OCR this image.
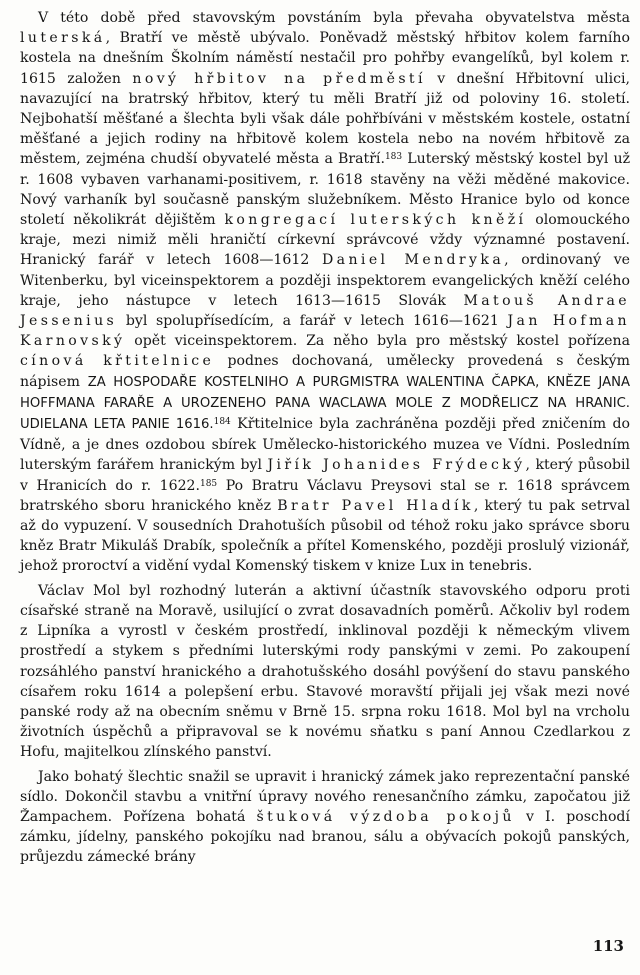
V této době před stavovským povstáním byla převaha obyvatelstva města luterská, Bratří ve městě ubývalo. Poněvadž městský hřbitov kolem farního kostela na dnešním Školním náměstí nestačil pro pohřby evangelíků, byl kolem r. 1615 založen nový hřbitov na předměstí v dnešní Hřbitovní ulici, navazující na bratrský hřbitov, který tu měli Bratří již od poloviny 16. století. Nejbohatší měšťané a šlechta byli však dále pohřbíváni v městském kostele, ostatní měšťané a jejich rodiny na hřbitově kolem kostela nebo na novém hřbitově za městem, zejména chudší obyvatelé města a Bratří.$^{183}$ Luterský městský kostel byl už r. 1608 vybaven varhanami-positivem, r. 1618 stavěny na věži měděné makovice. Nový varhaník byl současně panským služebníkem. Město Hranice bylo od konce století několikrát dějištěm kongregací luterských kněží olomouckého kraje, mezi nimiž měli hraničtí církevní správcové vždy významné postavení. Hranický farář v letech 1608—1612 Daniel Mendryka, ordinovaný ve Witenberku, byl viceinspektorem a později inspektorem evangelických kněží celého kraje, jeho nástupce v letech 1613—1615 Slovák Matouš Andrae Jessenius byl spolupřísedícím, a farář v letech 1616—1621 Jan Hofman Karnovský opět viceinspektorem. Za něho byla pro městský kostel pořízena cínová křtitelnice podnes dochovaná, umělecky provedená s českým nápisem ZA HOSPODAŘE KOSTELNIHO A PURGMISTRA WALENTINA ČAPKA, KNĚZE JANA HOFFMANA FARAŘE A UROZENEHO PANA WACLAWA MOLE Z MODŘELICZ NA HRANIC. UDIELANA LETA PANIE 1616.$^{184}$ Křtitelnice byla zachráněna později před zničením do Vídně, a je dnes ozdobou sbírek Umělecko-historického muzea ve Vídni. Posledním luterským farářem hranickým byl Jiřík Johanides Frýdecký, který působil v Hranicích do r. 1622.$^{185}$ Po Bratru Václavu Preysovi stal se r. 1618 správcem bratrského sboru hranického kněz Bratr Pavel Hladík, který tu pak setrval až do vypuzení. V sousedních Drahotuších působil od téhož roku jako správce sboru kněz Bratr Mikuláš Drabík, společník a přítel Komenského, později proslulý vizionář, jehož proroctví a vidění vydal Komenský tiskem v knize Lux in tenebris.

Václav Mol byl rozhodný luterán a aktivní účastník stavovského odporu proti císařské straně na Moravě, usilující o zvrat dosavadních poměrů. Ačkoliv byl rodem z Lipníka a vyrostl v českém prostředí, inklinoval později k německým vlivem prostředí a stykem s předními luterskými rody panskými v zemi. Po zakoupení rozsáhlého panství hranického a drahotušského dosáhl povýšení do stavu panského císařem roku 1614 a polepšení erbu. Stavové moravští přijali jej však mezi nové panské rody až na obecním sněmu v Brně 15. srpna roku 1618. Mol byl na vrcholu životních úspěchů a připravoval se k novému sňatku s paní Annou Czedlarkou z Hofu, majitelkou zlínského panství.

Jako bohatý šlechtic snažil se upravit i hranický zámek jako reprezentační panské sídlo. Dokončil stavbu a vnitřní úpravy nového renesančního zámku, započatou již Žampachem. Pořízena bohatá štuková výzdoba pokojů v I. poschodí zámku, jídelny, panského pokojíku nad branou, sálu a obývacích pokojů panských, průjezdu zámecké brány

113
